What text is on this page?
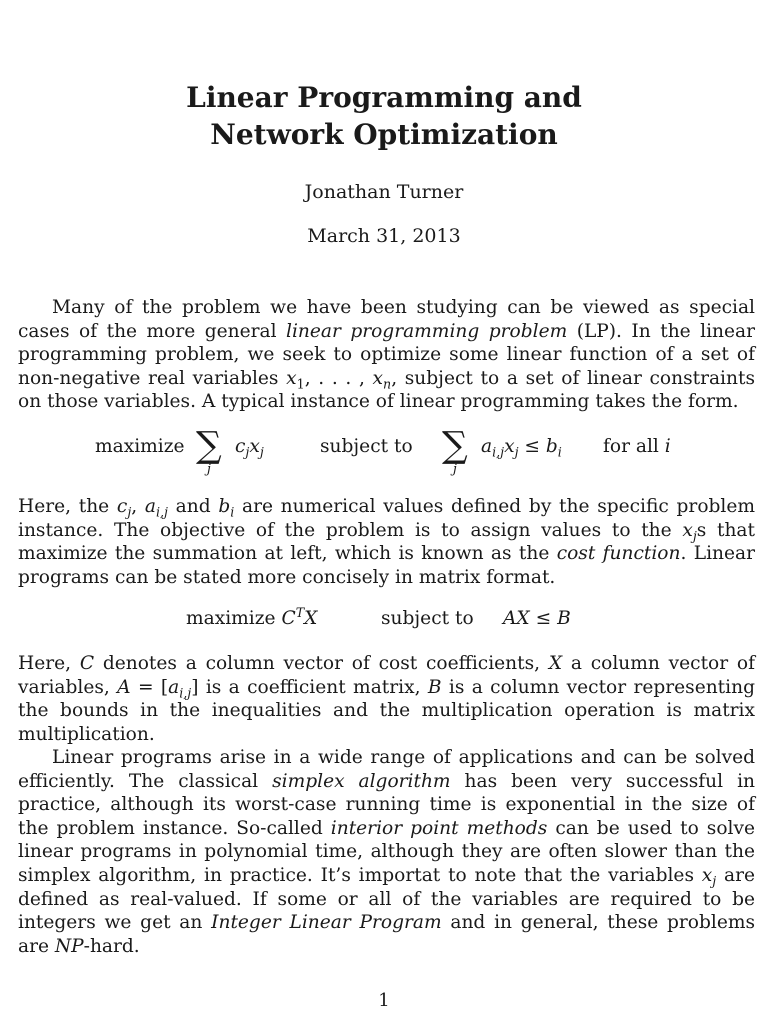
Linear Programming and
Network Optimization
Jonathan Turner
March 31, 2013

Many of the problem we have been studying can be viewed as special cases of the more general linear programming problem (LP). In the linear programming problem, we seek to optimize some linear function of a set of non-negative real variables $x_1$, . . . , $x_n$, subject to a set of linear constraints on those variables. A typical instance of linear programming takes the form.

maximize ∑
j
$c_jx_j$	subject to ∑
j
$a_{i,j}x_j \le b_i$ for all i

Here, the $c_j$, $a_{i,j}$ and $b_i$ are numerical values defined by the specific problem instance. The objective of the problem is to assign values to the $x_js$ that maximize the summation at left, which is known as the cost function. Linear programs can be stated more concisely in matrix format.

maximize $C^TX$	subject to AX ≤ B

Here, C denotes a column vector of cost coefficients, X a column vector of variables, $A = [a_{i,j}]$ is a coefficient matrix, B is a column vector representing the bounds in the inequalities and the multiplication operation is matrix multiplication.

Linear programs arise in a wide range of applications and can be solved efficiently. The classical simplex algorithm has been very successful in practice, although its worst-case running time is exponential in the size of the problem instance. So-called interior point methods can be used to solve linear programs in polynomial time, although they are often slower than the simplex algorithm, in practice. It’s importat to note that the variables $x_j$ are defined as real-valued. If some or all of the variables are required to be integers we get an Integer Linear Program and in general, these problems are NP-hard.

1
